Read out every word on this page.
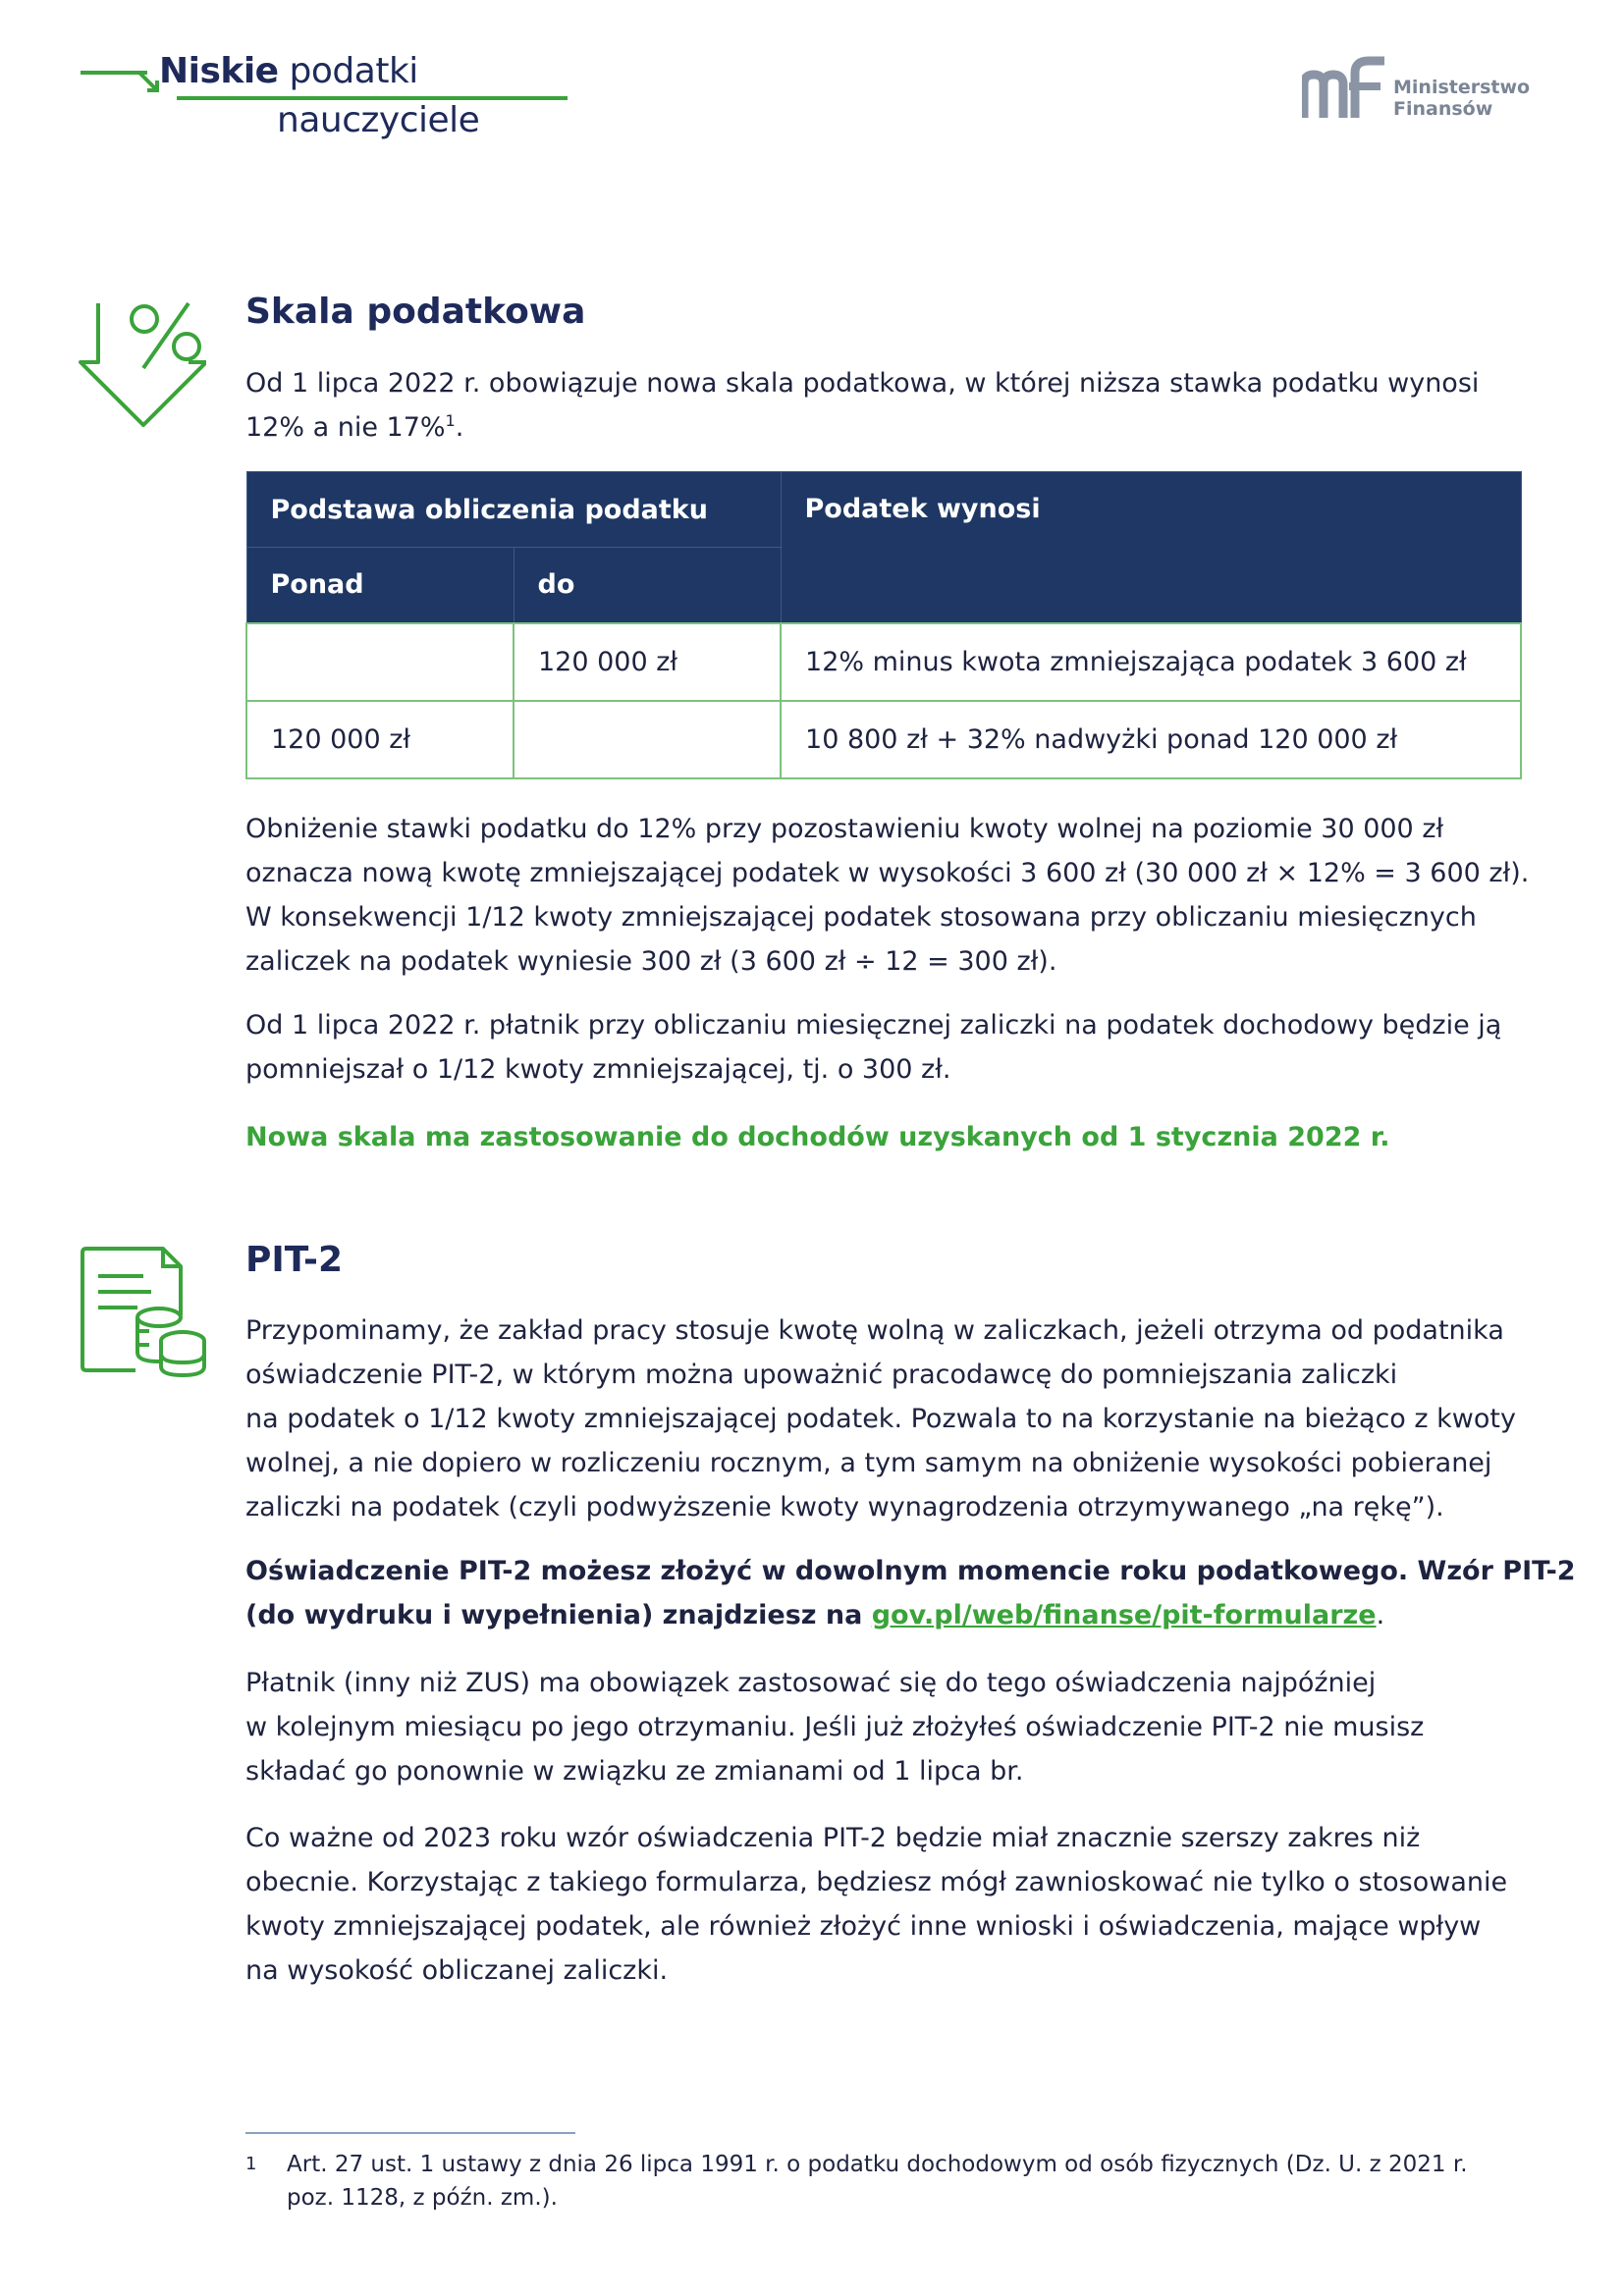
Niskie podatki
nauczyciele
Ministerstwo
Finansów
Skala podatkowa
Od 1 lipca 2022 r. obowiązuje nowa skala podatkowa, w której niższa stawka podatku wynosi
12% a nie 17%$^1$.
Podstawa obliczenia podatku		Podatek wynosi
Ponad	do	
	120 000 zł	12% minus kwota zmniejszająca podatek 3 600 zł
120 000 zł		10 800 zł + 32% nadwyżki ponad 120 000 zł
Obniżenie stawki podatku do 12% przy pozostawieniu kwoty wolnej na poziomie 30 000 zł
oznacza nową kwotę zmniejszającej podatek w wysokości 3 600 zł (30 000 zł × 12% = 3 600 zł).
W konsekwencji 1/12 kwoty zmniejszającej podatek stosowana przy obliczaniu miesięcznych
zaliczek na podatek wyniesie 300 zł (3 600 zł ÷ 12 = 300 zł).
Od 1 lipca 2022 r. płatnik przy obliczaniu miesięcznej zaliczki na podatek dochodowy będzie ją
pomniejszał o 1/12 kwoty zmniejszającej, tj. o 300 zł.
Nowa skala ma zastosowanie do dochodów uzyskanych od 1 stycznia 2022 r.
PIT-2
Przypominamy, że zakład pracy stosuje kwotę wolną w zaliczkach, jeżeli otrzyma od podatnika
oświadczenie PIT-2, w którym można upoważnić pracodawcę do pomniejszania zaliczki
na podatek o 1/12 kwoty zmniejszającej podatek. Pozwala to na korzystanie na bieżąco z kwoty
wolnej, a nie dopiero w rozliczeniu rocznym, a tym samym na obniżenie wysokości pobieranej
zaliczki na podatek (czyli podwyższenie kwoty wynagrodzenia otrzymywanego „na rękę”).
Oświadczenie PIT-2 możesz złożyć w dowolnym momencie roku podatkowego. Wzór PIT-2
(do wydruku i wypełnienia) znajdziesz na gov.pl/web/finanse/pit-formularze.
Płatnik (inny niż ZUS) ma obowiązek zastosować się do tego oświadczenia najpóźniej
w kolejnym miesiącu po jego otrzymaniu. Jeśli już złożyłeś oświadczenie PIT-2 nie musisz
składać go ponownie w związku ze zmianami od 1 lipca br.
Co ważne od 2023 roku wzór oświadczenia PIT-2 będzie miał znacznie szerszy zakres niż
obecnie. Korzystając z takiego formularza, będziesz mógł zawnioskować nie tylko o stosowanie
kwoty zmniejszającej podatek, ale również złożyć inne wnioski i oświadczenia, mające wpływ
na wysokość obliczanej zaliczki.
1 Art. 27 ust. 1 ustawy z dnia 26 lipca 1991 r. o podatku dochodowym od osób fizycznych (Dz. U. z 2021 r.
poz. 1128, z późn. zm.).
